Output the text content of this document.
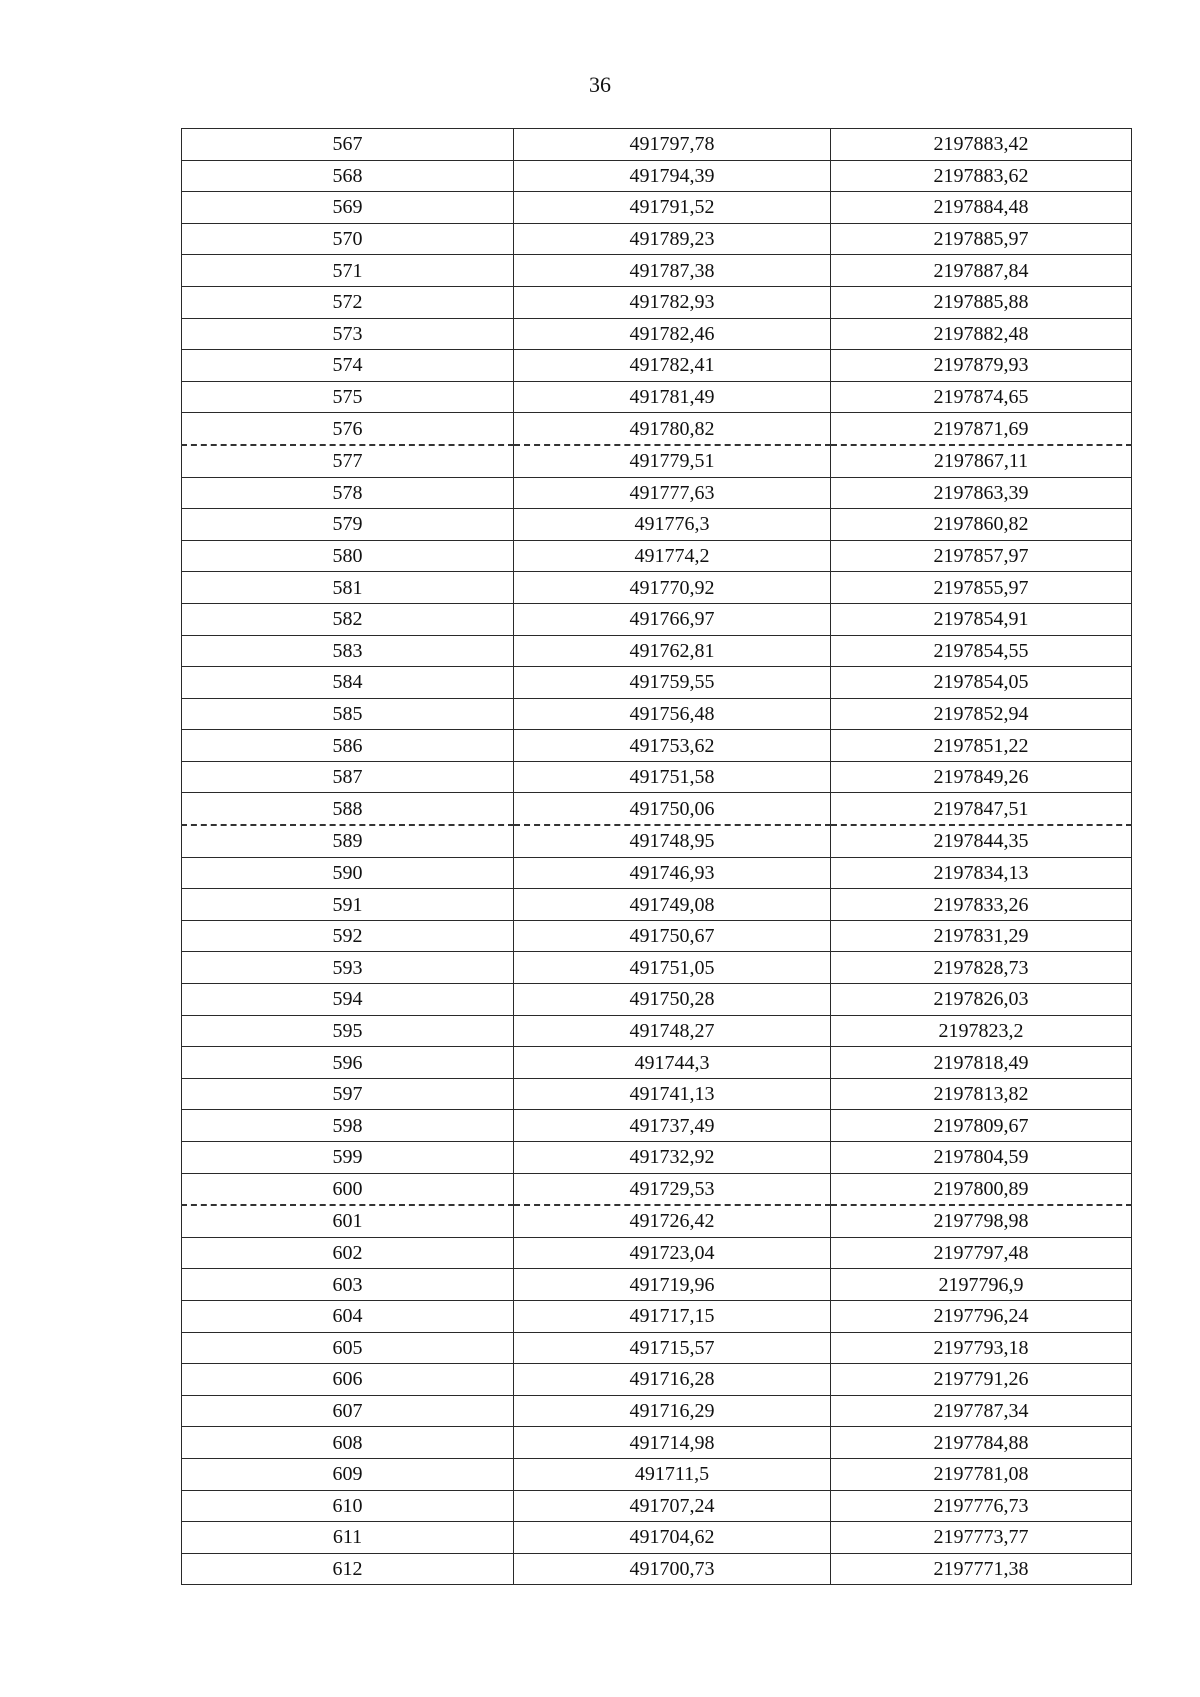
36
567	491797,78	2197883,42
568	491794,39	2197883,62
569	491791,52	2197884,48
570	491789,23	2197885,97
571	491787,38	2197887,84
572	491782,93	2197885,88
573	491782,46	2197882,48
574	491782,41	2197879,93
575	491781,49	2197874,65
576	491780,82	2197871,69
577	491779,51	2197867,11
578	491777,63	2197863,39
579	491776,3	2197860,82
580	491774,2	2197857,97
581	491770,92	2197855,97
582	491766,97	2197854,91
583	491762,81	2197854,55
584	491759,55	2197854,05
585	491756,48	2197852,94
586	491753,62	2197851,22
587	491751,58	2197849,26
588	491750,06	2197847,51
589	491748,95	2197844,35
590	491746,93	2197834,13
591	491749,08	2197833,26
592	491750,67	2197831,29
593	491751,05	2197828,73
594	491750,28	2197826,03
595	491748,27	2197823,2
596	491744,3	2197818,49
597	491741,13	2197813,82
598	491737,49	2197809,67
599	491732,92	2197804,59
600	491729,53	2197800,89
601	491726,42	2197798,98
602	491723,04	2197797,48
603	491719,96	2197796,9
604	491717,15	2197796,24
605	491715,57	2197793,18
606	491716,28	2197791,26
607	491716,29	2197787,34
608	491714,98	2197784,88
609	491711,5	2197781,08
610	491707,24	2197776,73
611	491704,62	2197773,77
612	491700,73	2197771,38
